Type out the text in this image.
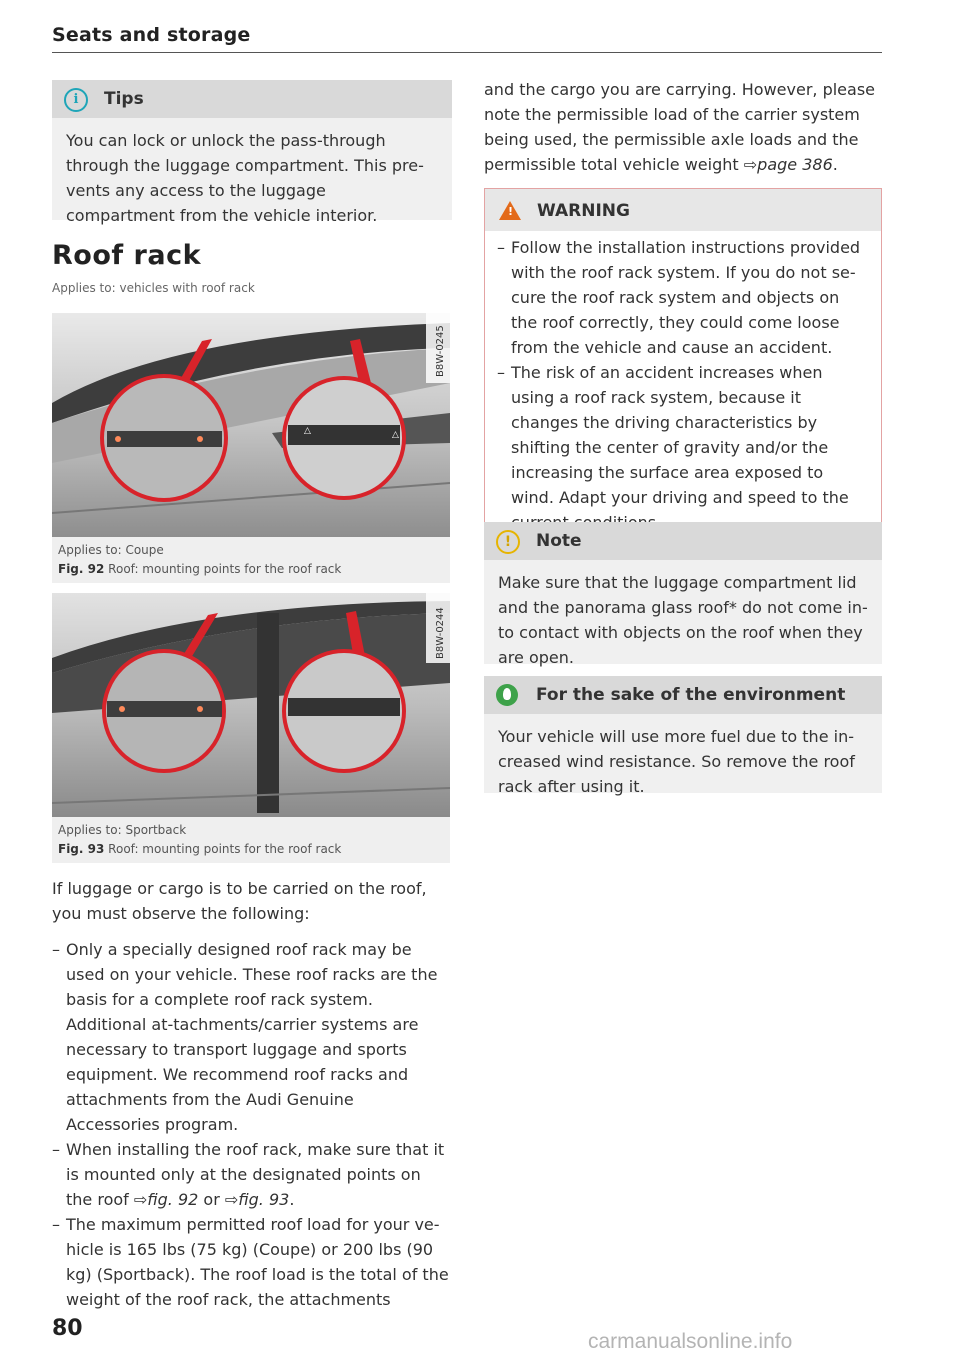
Seats and storage
i	Tips
You can lock or unlock the pass-through through the luggage compartment. This pre-vents any access to the luggage compartment from the vehicle interior.
Roof rack
Applies to: vehicles with roof rack
△	△
B8W-0245
Applies to: Coupe
Fig. 92 Roof: mounting points for the roof rack
B8W-0244
Applies to: Sportback
Fig. 93 Roof: mounting points for the roof rack
If luggage or cargo is to be carried on the roof, you must observe the following:
– Only a specially designed roof rack may be used on your vehicle. These roof racks are the basis for a complete roof rack system. Additional at-tachments/carrier systems are necessary to transport luggage and sports equipment. We recommend roof racks and attachments from the Audi Genuine Accessories program.
– When installing the roof rack, make sure that it is mounted only at the designated points on the roof ⇨fig. 92 or ⇨fig. 93.
– The maximum permitted roof load for your ve-hicle is 165 lbs (75 kg) (Coupe) or 200 lbs (90 kg) (Sportback). The roof load is the total of the weight of the roof rack, the attachments
and the cargo you are carrying. However, please note the permissible load of the carrier system being used, the permissible axle loads and the permissible total vehicle weight ⇨page 386.
! WARNING
– Follow the installation instructions provided with the roof rack system. If you do not se-cure the roof rack system and objects on the roof correctly, they could come loose from the vehicle and cause an accident.
– The risk of an accident increases when using a roof rack system, because it changes the driving characteristics by shifting the center of gravity and/or the increasing the surface area exposed to wind. Adapt your driving and speed to the
!	Note
Make sure that the luggage compartment lid and the panorama glass roof* do not come in-to contact with objects on the roof when they are open.
For the sake of the environment
Your vehicle will use more fuel due to the in-creased wind resistance. So remove the roof rack after using it.
80
carmanualsonline.info
